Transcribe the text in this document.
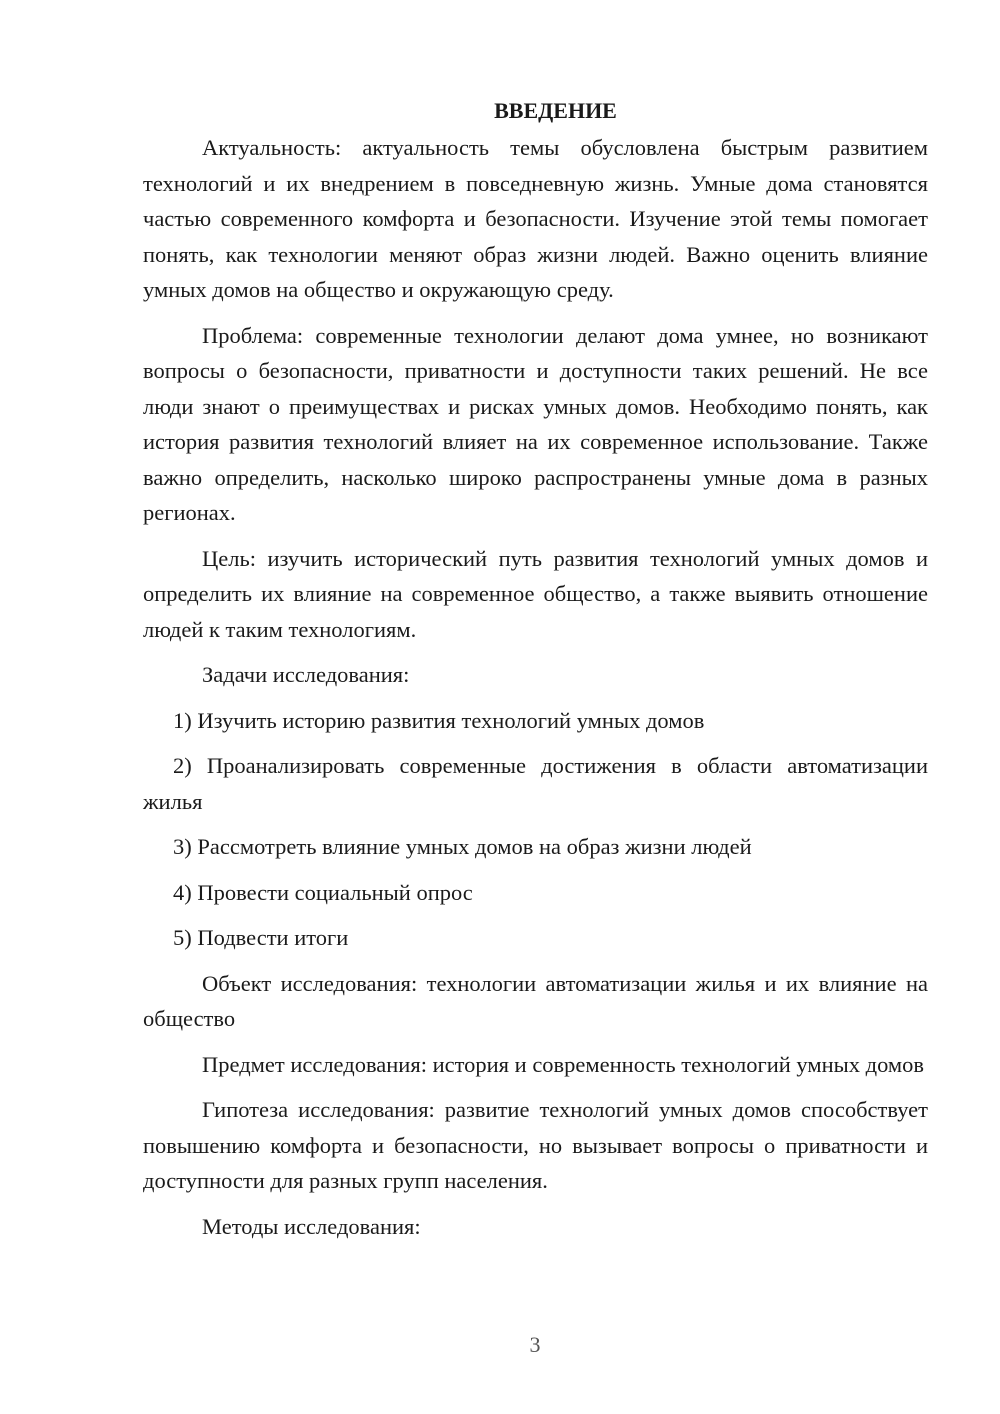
ВВЕДЕНИЕ

Актуальность: актуальность темы обусловлена быстрым развитием технологий и их внедрением в повседневную жизнь. Умные дома становятся частью современного комфорта и безопасности. Изучение этой темы помогает понять, как технологии меняют образ жизни людей. Важно оценить влияние умных домов на общество и окружающую среду.

Проблема: современные технологии делают дома умнее, но возникают вопросы о безопасности, приватности и доступности таких решений. Не все люди знают о преимуществах и рисках умных домов. Необходимо понять, как история развития технологий влияет на их современное использование. Также важно определить, насколько широко распространены умные дома в разных регионах.

Цель: изучить исторический путь развития технологий умных домов и определить их влияние на современное общество, а также выявить отношение людей к таким технологиям.

Задачи исследования:

1) Изучить историю развития технологий умных домов

2) Проанализировать современные достижения в области автоматизации жилья

3) Рассмотреть влияние умных домов на образ жизни людей

4) Провести социальный опрос

5) Подвести итоги

Объект исследования: технологии автоматизации жилья и их влияние на общество

Предмет исследования: история и современность технологий умных домов

Гипотеза исследования: развитие технологий умных домов способствует повышению комфорта и безопасности, но вызывает вопросы о приватности и доступности для разных групп населения.

Методы исследования:

3
